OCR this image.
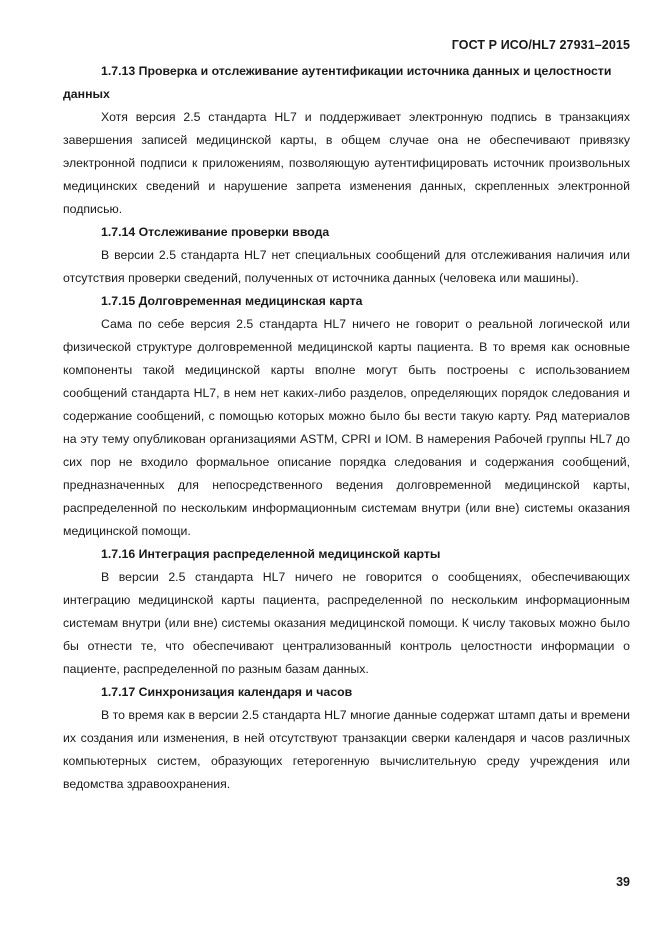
ГОСТ Р ИСО/HL7 27931–2015

1.7.13 Проверка и отслеживание аутентификации источника данных и целостности данных

Хотя версия 2.5 стандарта HL7 и поддерживает электронную подпись в транзакциях завершения записей медицинской карты, в общем случае она не обеспечивают привязку электронной подписи к приложениям, позволяющую аутентифицировать источник произвольных медицинских сведений и нарушение запрета изменения данных, скрепленных электронной подписью.

1.7.14 Отслеживание проверки ввода

В версии 2.5 стандарта HL7 нет специальных сообщений для отслеживания наличия или отсутствия проверки сведений, полученных от источника данных (человека или машины).

1.7.15 Долговременная медицинская карта

Сама по себе версия 2.5 стандарта HL7 ничего не говорит о реальной логической или физической структуре долговременной медицинской карты пациента. В то время как основные компоненты такой медицинской карты вполне могут быть построены с использованием сообщений стандарта HL7, в нем нет каких-либо разделов, определяющих порядок следования и содержание сообщений, с помощью которых можно было бы вести такую карту. Ряд материалов на эту тему опубликован организациями ASTM, CPRI и IOM. В намерения Рабочей группы HL7 до сих пор не входило формальное описание порядка следования и содержания сообщений, предназначенных для непосредственного ведения долговременной медицинской карты, распределенной по нескольким информационным системам внутри (или вне) системы оказания медицинской помощи.

1.7.16 Интеграция распределенной медицинской карты

В версии 2.5 стандарта HL7 ничего не говорится о сообщениях, обеспечивающих интеграцию медицинской карты пациента, распределенной по нескольким информационным системам внутри (или вне) системы оказания медицинской помощи. К числу таковых можно было бы отнести те, что обеспечивают централизованный контроль целостности информации о пациенте, распределенной по разным базам данных.

1.7.17 Синхронизация календаря и часов

В то время как в версии 2.5 стандарта HL7 многие данные содержат штамп даты и времени их создания или изменения, в ней отсутствуют транзакции сверки календаря и часов различных компьютерных систем, образующих гетерогенную вычислительную среду учреждения или ведомства здравоохранения.

39
